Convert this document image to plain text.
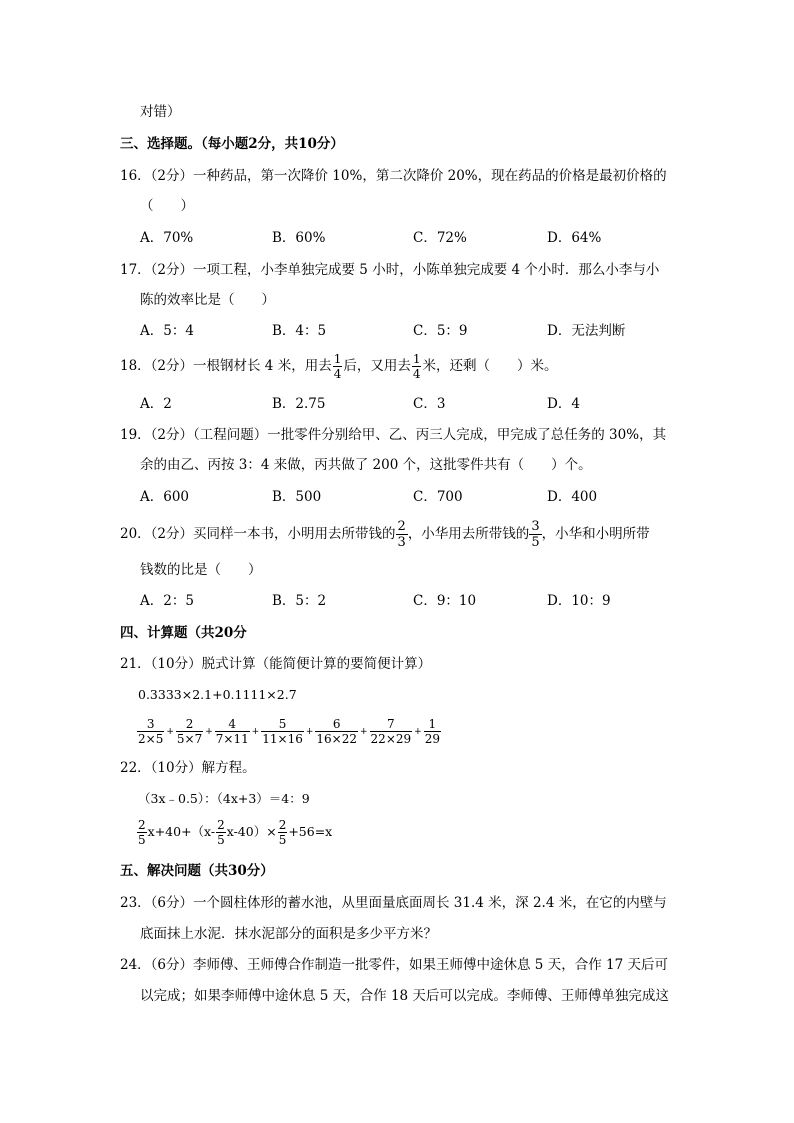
对错）
三、选择题。（每小题2分，共10分）
16．（2分）一种药品，第一次降价 10%，第二次降价 20%，现在药品的价格是最初价格的
（　　）
A．70%	B．60%	C．72%	D．64%
17．（2分）一项工程，小李单独完成要 5 小时，小陈单独完成要 4 个小时．那么小李与小
陈的效率比是（　　）
A．5：4	B．4：5	C．5：9	D．无法判断
18．（2分）一根钢材长 4 米，用去 $\frac{1}{4}$ 后，又用去 $\frac{1}{4}$ 米，还剩（　　）米。
A．2	B．2.75	C．3	D．4
19．（2分）（工程问题）一批零件分别给甲、乙、丙三人完成，甲完成了总任务的 30%，其
余的由乙、丙按 3：4 来做，丙共做了 200 个，这批零件共有（　　）个。
A．600	B．500	C．700	D．400
20．（2分）买同样一本书，小明用去所带钱的 $\frac{2}{3}$ ，小华用去所带钱的 $\frac{3}{5}$ ，小华和小明所带
钱数的比是（　　）
A．2：5	B．5：2	C．9：10	D．10：9
四、计算题（共20分
21．（10分）脱式计算（能简便计算的要简便计算）
0.3333×2.1+0.1111×2.7
$\frac{3}{2\times 5} + \frac{2}{5\times 7} + \frac{4}{7\times 11} + \frac{5}{11\times 16} + \frac{6}{16\times 22} + \frac{7}{22\times 29} + \frac{1}{29}$
22．（10分）解方程。
（3x﹣0.5）：（4x+3）＝4：9
$\frac{2}{5} x+40+(x- \frac{2}{5} x-40)\times \frac{2}{5} +56=x$
五、解决问题（共30分）
23．（6分）一个圆柱体形的蓄水池，从里面量底面周长 31.4 米，深 2.4 米，在它的内壁与
底面抹上水泥．抹水泥部分的面积是多少平方米？
24．（6分）李师傅、王师傅合作制造一批零件，如果王师傅中途休息 5 天，合作 17 天后可
以完成；如果李师傅中途休息 5 天，合作 18 天后可以完成。李师傅、王师傅单独完成这
